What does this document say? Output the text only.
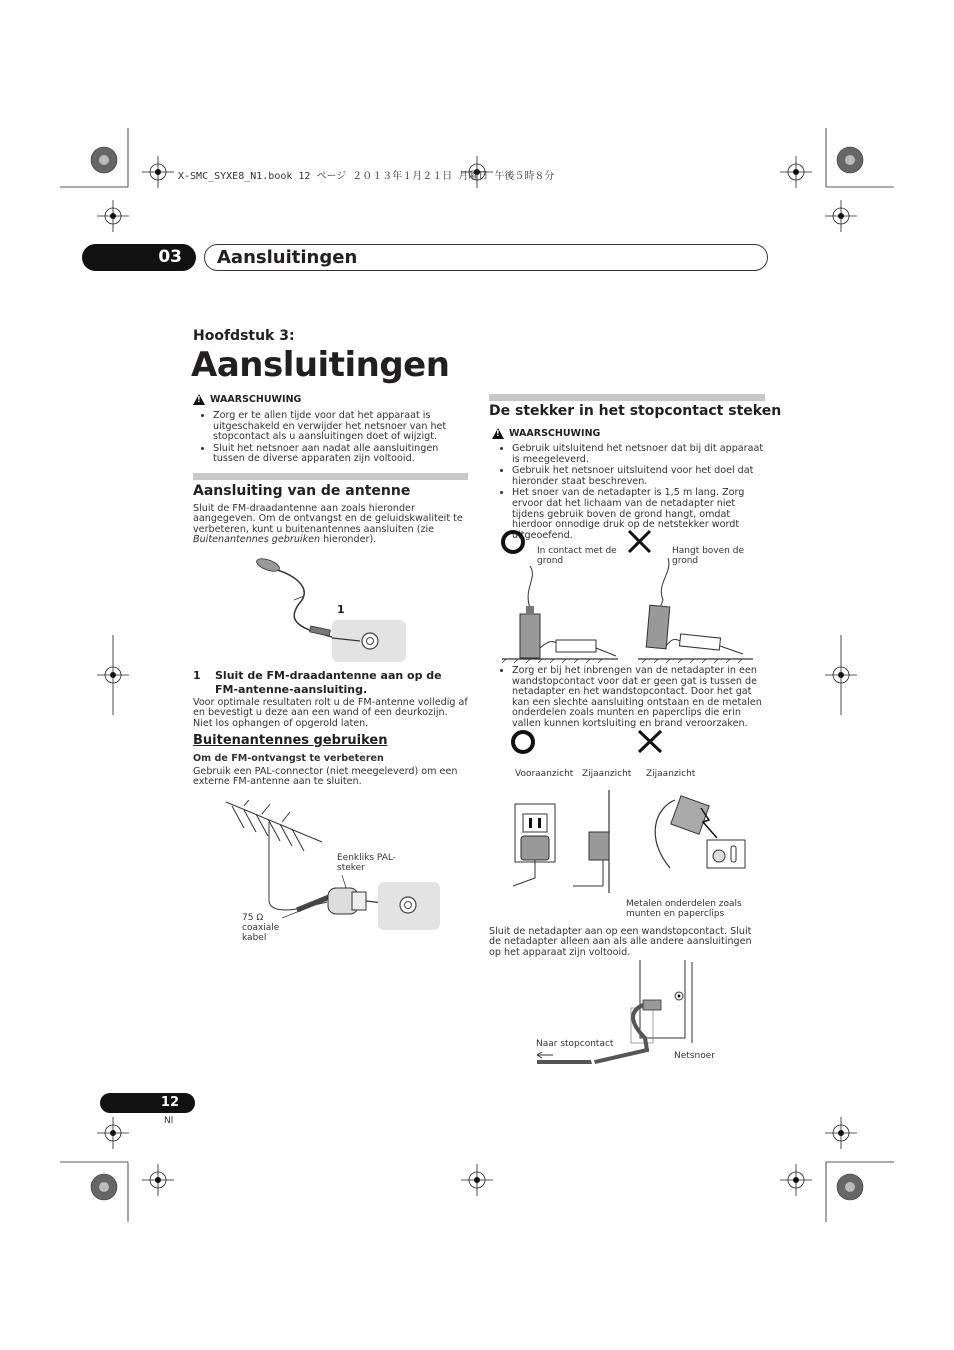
X-SMC_SYXE8_N1.book 12 ページ ２０１３年１月２１日 月曜日 午後５時８分
03	Aansluitingen
Hoofdstuk 3:
Aansluitingen
!
WAARSCHUWING
• Zorg er te allen tijde voor dat het apparaat is uitgeschakeld en verwijder het netsnoer van het stopcontact als u aansluitingen doet of wijzigt.
• Sluit het netsnoer aan nadat alle aansluitingen tussen de diverse apparaten zijn voltooid.
Aansluiting van de antenne
Sluit de FM-draadantenne aan zoals hieronder aangegeven. Om de ontvangst en de geluidskwaliteit te verbeteren, kunt u buitenantennes aansluiten (zie Buitenantennes gebruiken hieronder).
1
1	Sluit de FM-draadantenne aan op de FM-antenne-aansluiting.
Voor optimale resultaten rolt u de FM-antenne volledig af en bevestigt u deze aan een wand of een deurkozijn. Niet los ophangen of opgerold laten.
Buitenantennes gebruiken
Om de FM-ontvangst te verbeteren
Gebruik een PAL-connector (niet meegeleverd) om een externe FM-antenne aan te sluiten.
Eenkliks PAL-steker
75 Ω coaxiale kabel
De stekker in het stopcontact steken
!
WAARSCHUWING
• Gebruik uitsluitend het netsnoer dat bij dit apparaat is meegeleverd.
• Gebruik het netsnoer uitsluitend voor het doel dat hieronder staat beschreven.
• Het snoer van de netadapter is 1,5 m lang. Zorg ervoor dat het lichaam van de netadapter niet tijdens gebruik boven de grond hangt, omdat hierdoor onnodige druk op de netstekker wordt uitgeoefend.
In contact met de grond
Hangt boven de grond
• Zorg er bij het inbrengen van de netadapter in een wandstopcontact voor dat er geen gat is tussen de netadapter en het wandstopcontact. Door het gat kan een slechte aansluiting ontstaan en de metalen onderdelen zoals munten en paperclips die erin vallen kunnen kortsluiting en brand veroorzaken.
Vooraanzicht Zijaanzicht Zijaanzicht
Metalen onderdelen zoals munten en paperclips
Sluit de netadapter aan op een wandstopcontact. Sluit de netadapter alleen aan als alle andere aansluitingen op het apparaat zijn voltooid.
Naar stopcontact
Netsnoer
12
Nl
